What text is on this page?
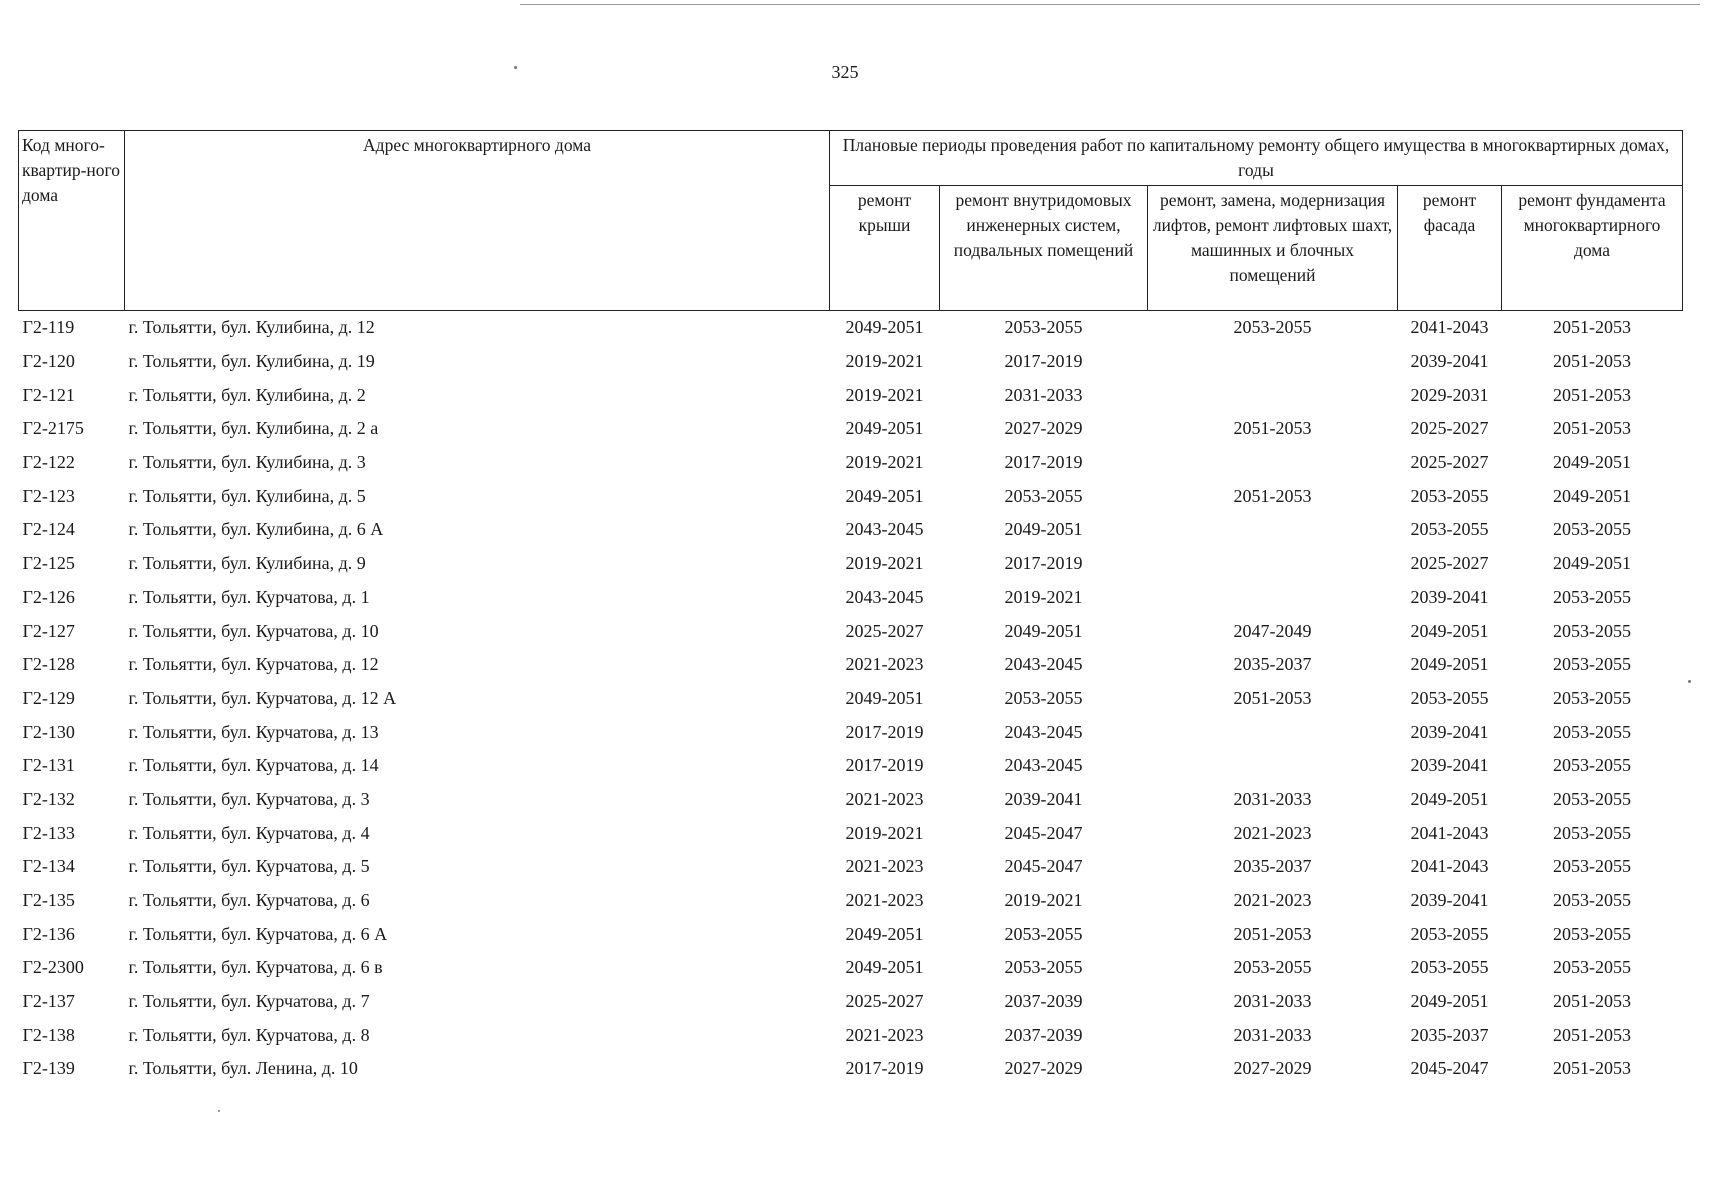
325
Код много-квартир-ного дома	Адрес многоквартирного дома	Плановые периоды проведения работ по капитальному ремонту общего имущества в многоквартирных домах, годы				
		ремонт крыши	ремонт внутридомовых инженерных систем, подвальных помещений	ремонт, замена, модернизация лифтов, ремонт лифтовых шахт, машинных и блочных помещений	ремонт фасада	ремонт фундамента многоквартирного дома
Г2-119	г. Тольятти, бул. Кулибина, д. 12	2049-2051	2053-2055	2053-2055	2041-2043	2051-2053
Г2-120	г. Тольятти, бул. Кулибина, д. 19	2019-2021	2017-2019		2039-2041	2051-2053
Г2-121	г. Тольятти, бул. Кулибина, д. 2	2019-2021	2031-2033		2029-2031	2051-2053
Г2-2175	г. Тольятти, бул. Кулибина, д. 2 а	2049-2051	2027-2029	2051-2053	2025-2027	2051-2053
Г2-122	г. Тольятти, бул. Кулибина, д. 3	2019-2021	2017-2019		2025-2027	2049-2051
Г2-123	г. Тольятти, бул. Кулибина, д. 5	2049-2051	2053-2055	2051-2053	2053-2055	2049-2051
Г2-124	г. Тольятти, бул. Кулибина, д. 6 А	2043-2045	2049-2051		2053-2055	2053-2055
Г2-125	г. Тольятти, бул. Кулибина, д. 9	2019-2021	2017-2019		2025-2027	2049-2051
Г2-126	г. Тольятти, бул. Курчатова, д. 1	2043-2045	2019-2021		2039-2041	2053-2055
Г2-127	г. Тольятти, бул. Курчатова, д. 10	2025-2027	2049-2051	2047-2049	2049-2051	2053-2055
Г2-128	г. Тольятти, бул. Курчатова, д. 12	2021-2023	2043-2045	2035-2037	2049-2051	2053-2055
Г2-129	г. Тольятти, бул. Курчатова, д. 12 А	2049-2051	2053-2055	2051-2053	2053-2055	2053-2055
Г2-130	г. Тольятти, бул. Курчатова, д. 13	2017-2019	2043-2045		2039-2041	2053-2055
Г2-131	г. Тольятти, бул. Курчатова, д. 14	2017-2019	2043-2045		2039-2041	2053-2055
Г2-132	г. Тольятти, бул. Курчатова, д. 3	2021-2023	2039-2041	2031-2033	2049-2051	2053-2055
Г2-133	г. Тольятти, бул. Курчатова, д. 4	2019-2021	2045-2047	2021-2023	2041-2043	2053-2055
Г2-134	г. Тольятти, бул. Курчатова, д. 5	2021-2023	2045-2047	2035-2037	2041-2043	2053-2055
Г2-135	г. Тольятти, бул. Курчатова, д. 6	2021-2023	2019-2021	2021-2023	2039-2041	2053-2055
Г2-136	г. Тольятти, бул. Курчатова, д. 6 А	2049-2051	2053-2055	2051-2053	2053-2055	2053-2055
Г2-2300	г. Тольятти, бул. Курчатова, д. 6 в	2049-2051	2053-2055	2053-2055	2053-2055	2053-2055
Г2-137	г. Тольятти, бул. Курчатова, д. 7	2025-2027	2037-2039	2031-2033	2049-2051	2051-2053
Г2-138	г. Тольятти, бул. Курчатова, д. 8	2021-2023	2037-2039	2031-2033	2035-2037	2051-2053
Г2-139	г. Тольятти, бул. Ленина, д. 10	2017-2019	2027-2029	2027-2029	2045-2047	2051-2053
